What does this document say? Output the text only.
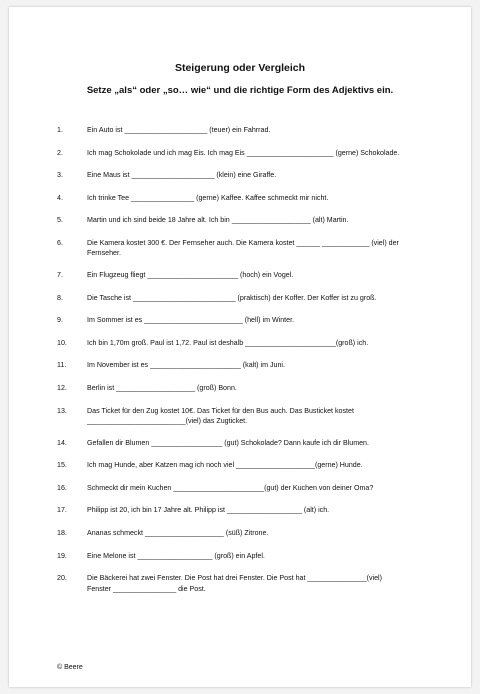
Steigerung oder Vergleich
Setze „als“ oder „so… wie“ und die richtige Form des Adjektivs ein.
1.	Ein Auto ist _____________________ (teuer) ein Fahrrad.
2.	Ich mag Schokolade und ich mag Eis. Ich mag Eis ______________________ (gerne) Schokolade.
3.	Eine Maus ist _____________________ (klein) eine Giraffe.
4.	Ich trinke Tee ________________ (gerne) Kaffee. Kaffee schmeckt mir nicht.
5.	Martin und ich sind beide 18 Jahre alt. Ich bin ____________________ (alt) Martin.
6.	Die Kamera kostet 300 €. Der Fernseher auch. Die Kamera kostet ______ ____________ (viel) der
Fernseher.
7.	Ein Flugzeug fliegt _______________________ (hoch) ein Vogel.
8.	Die Tasche ist __________________________ (praktisch) der Koffer. Der Koffer ist zu groß.
9.	Im Sommer ist es _________________________ (hell) im Winter.
10.	Ich bin 1,70m groß. Paul ist 1,72. Paul ist deshalb _______________________(groß) ich.
11.	Im November ist es _______________________ (kalt) im Juni.
12.	Berlin ist ____________________ (groß) Bonn.
13.	Das Ticket für den Zug kostet 10€. Das Ticket für den Bus auch. Das Busticket kostet
_________________________(viel) das Zugticket.
14.	Gefallen dir Blumen __________________ (gut) Schokolade? Dann kaufe ich dir Blumen.
15.	Ich mag Hunde, aber Katzen mag ich noch viel ____________________(gerne) Hunde.
16.	Schmeckt dir mein Kuchen _______________________(gut) der Kuchen von deiner Oma?
17.	Philipp ist 20, ich bin 17 Jahre alt. Philipp ist ___________________ (alt) ich.
18.	Ananas schmeckt ____________________ (süß) Zitrone.
19.	Eine Melone ist ___________________ (groß) ein Apfel.
20.	Die Bäckerei hat zwei Fenster. Die Post hat drei Fenster. Die Post hat _______________(viel)
Fenster ________________ die Post.
© Beere
